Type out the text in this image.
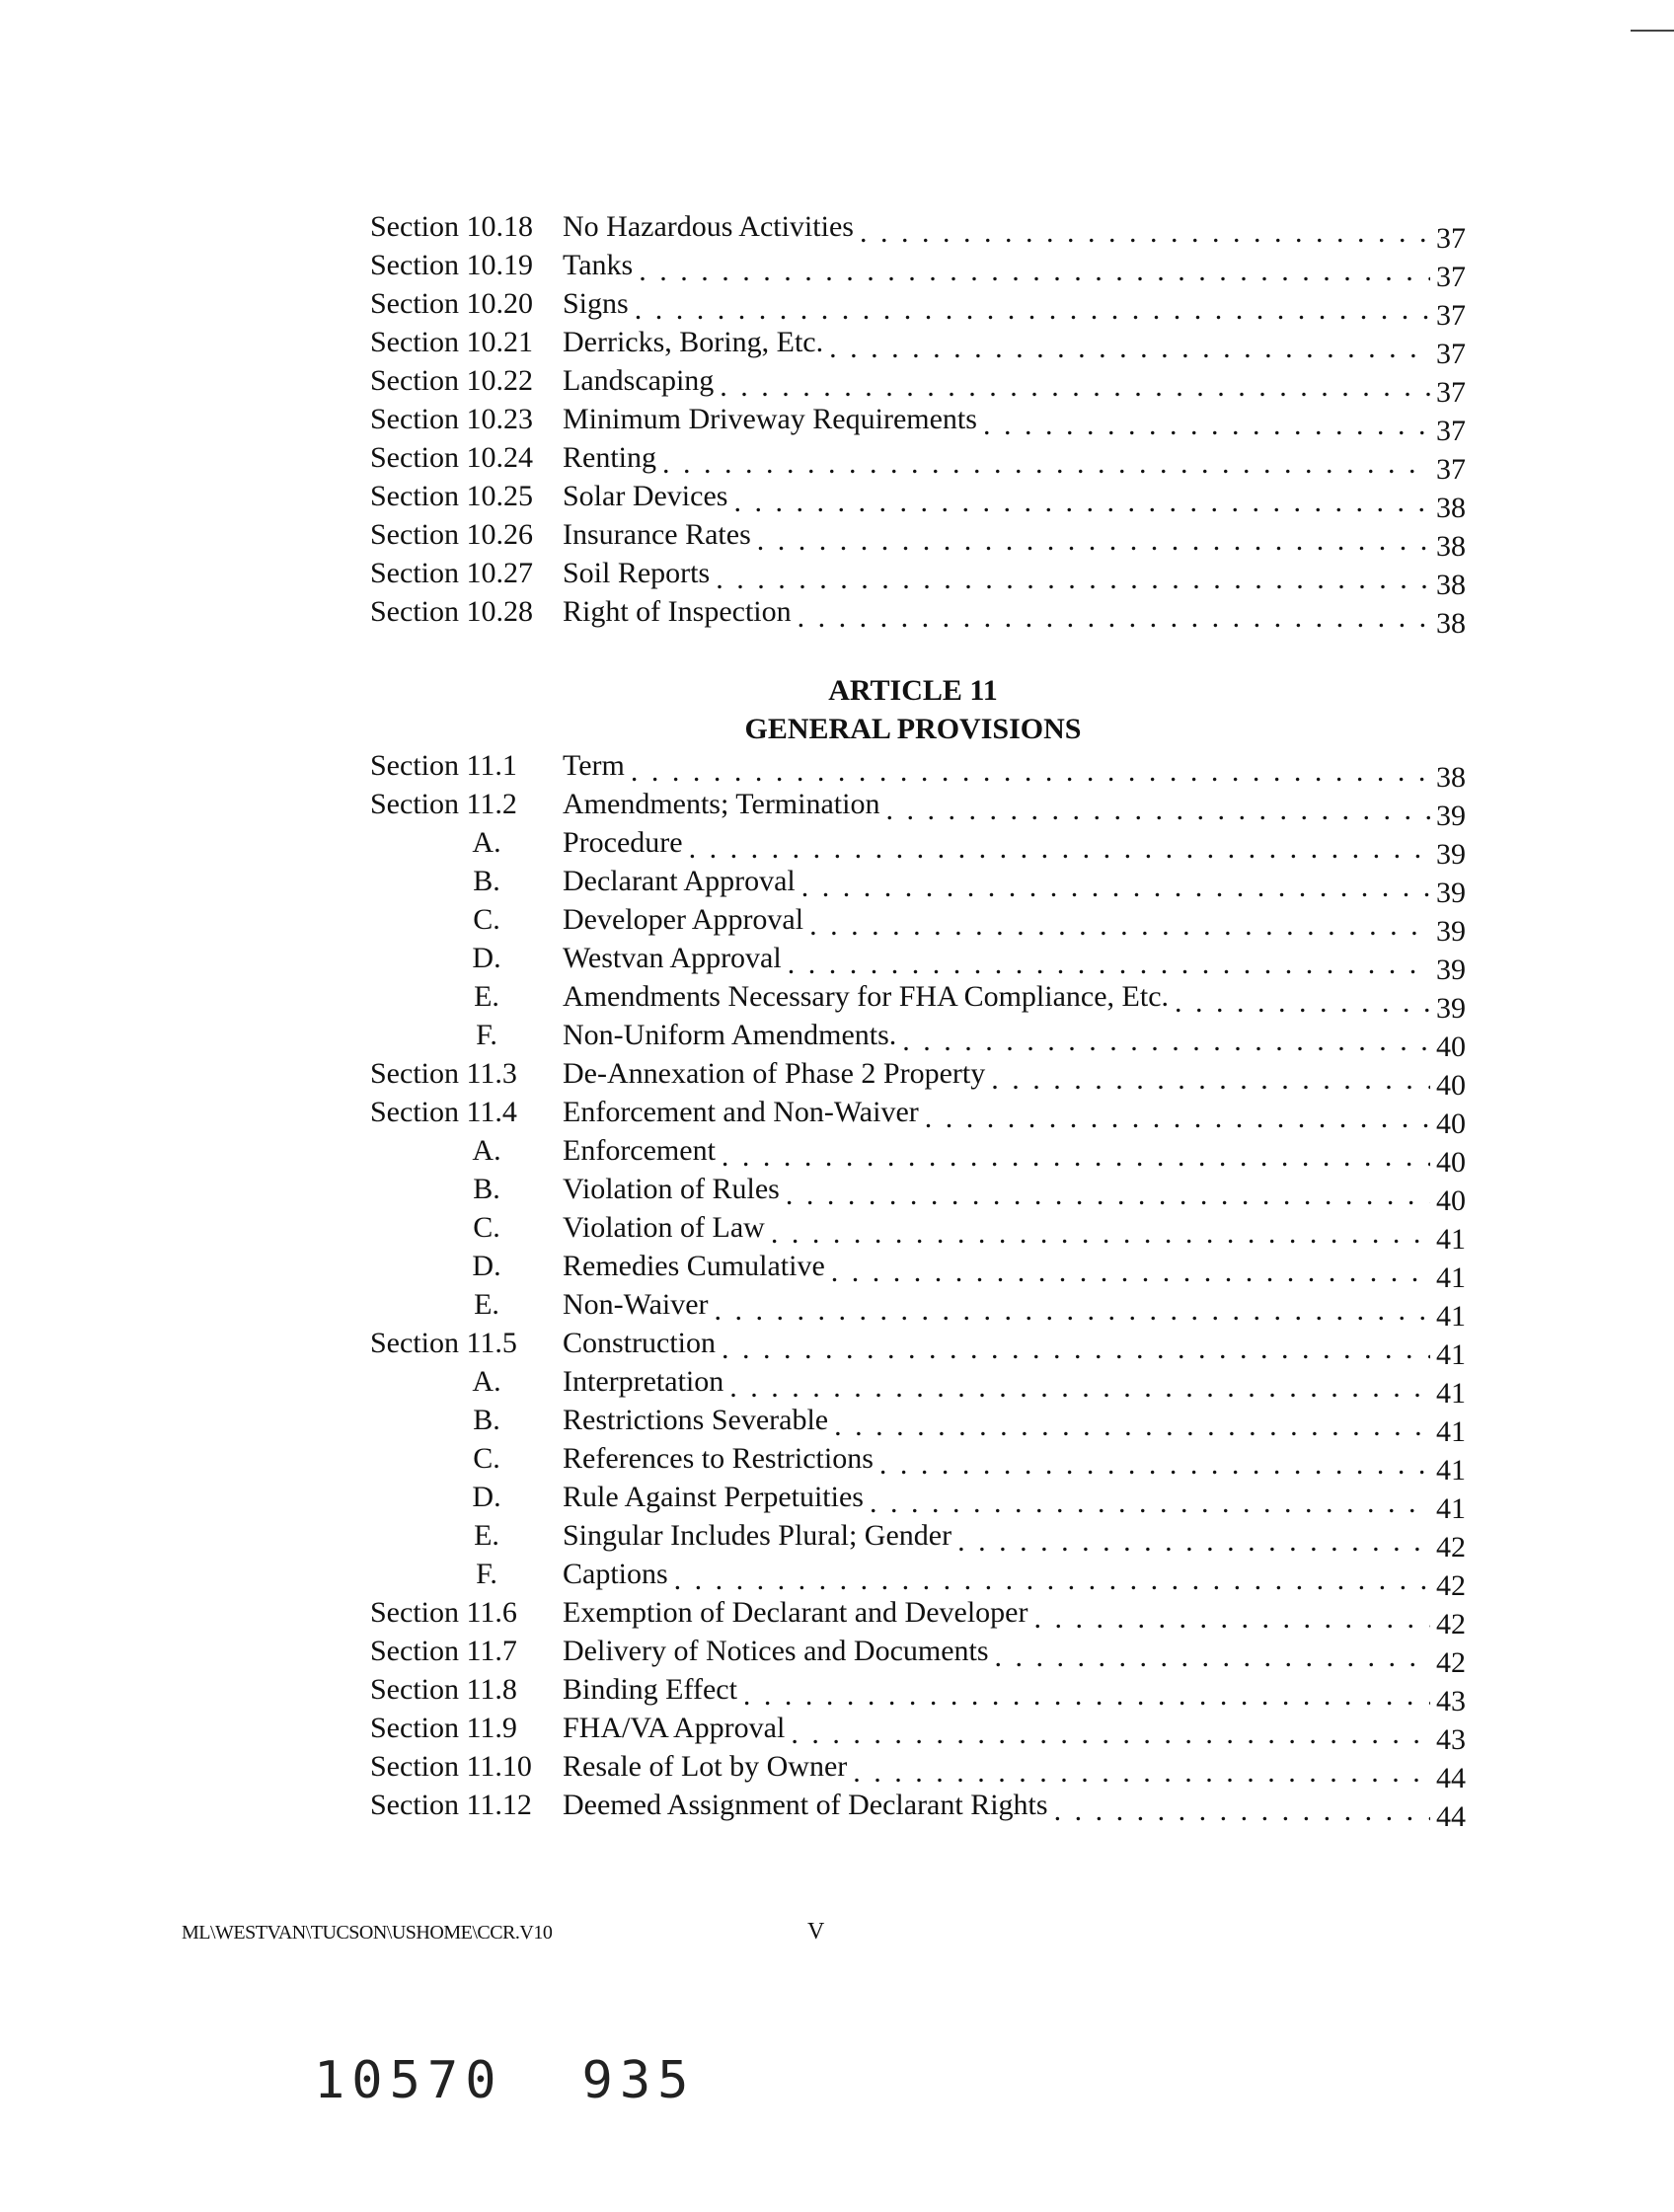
Section 10.18 No Hazardous Activities . . .	37
Section 10.19 Tanks . . .	37
Section 10.20 Signs . . .	37
Section 10.21 Derricks, Boring, Etc. . . .	37
Section 10.22 Landscaping . . .	37
Section 10.23 Minimum Driveway Requirements . . .	37
Section 10.24 Renting . . .	37
Section 10.25 Solar Devices . . .	38
Section 10.26 Insurance Rates . . .	38
Section 10.27 Soil Reports . . .	38
Section 10.28 Right of Inspection . . .	38
ARTICLE 11
GENERAL PROVISIONS
Section 11.1 Term . . .	38
Section 11.2 Amendments; Termination . . .	39
A. Procedure . . .	39
B. Declarant Approval . . .	39
C. Developer Approval . . .	39
D. Westvan Approval . . .	39
E. Amendments Necessary for FHA Compliance, Etc. . . .	39
F.	Non-Uniform Amendments. . . .	40
Section 11.3 De-Annexation of Phase 2 Property . . .	40
Section 11.4 Enforcement and Non-Waiver . . .	40
A. Enforcement . . .	40
B. Violation of Rules . . .	40
C. Violation of Law . . .	41
D. Remedies Cumulative . . .	41
E. Non-Waiver . . .	41
Section 11.5 Construction . . .	41
A. Interpretation . . .	41
B. Restrictions Severable . . .	41
C. References to Restrictions . . .	41
D. Rule Against Perpetuities . . .	41
E. Singular Includes Plural; Gender . . .	42
F.	Captions . . .	42
Section 11.6 Exemption of Declarant and Developer . . .	42
Section 11.7 Delivery of Notices and Documents . . .	42
Section 11.8 Binding Effect . . .	43
Section 11.9 FHA/VA Approval . . .	43
Section 11.10 Resale of Lot by Owner . . .	44
Section 11.12 Deemed Assignment of Declarant Rights . . .	44
ML\WESTVAN\TUCSON\USHOME\CCR.V10	V
10570 935
